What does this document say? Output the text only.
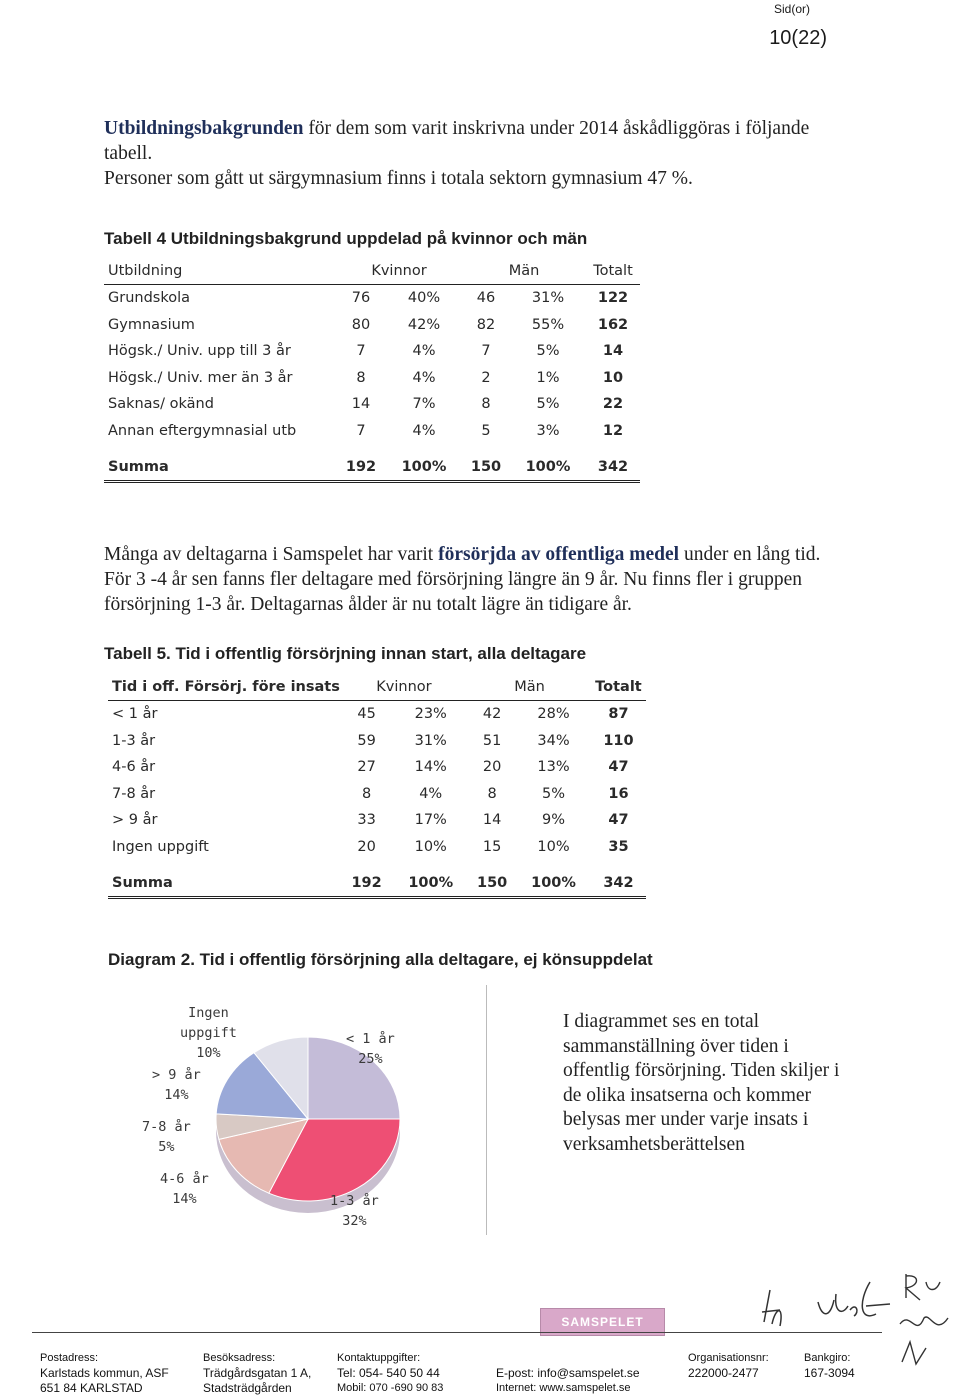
Sid(or)
10(22)
Utbildningsbakgrunden för dem som varit inskrivna under 2014 åskådliggöras i följande tabell.
Personer som gått ut särgymnasium finns i totala sektorn gymnasium 47 %.
Tabell 4 Utbildningsbakgrund uppdelad på kvinnor och män
Utbildning	Kvinnor		Män		Totalt
Grundskola	76	40%	46	31%	122
Gymnasium	80	42%	82	55%	162
Högsk./ Univ. upp till 3 år	7	4%	7	5%	14
Högsk./ Univ. mer än 3 år	8	4%	2	1%	10
Saknas/ okänd	14	7%	8	5%	22
Annan eftergymnasial utb	7	4%	5	3%	12

Summa	192	100%	150	100%	342
Många av deltagarna i Samspelet har varit försörjda av offentliga medel under en lång tid. För 3 -4 år sen fanns fler deltagare med försörjning längre än 9 år. Nu finns fler i gruppen försörjning 1-3 år. Deltagarnas ålder är nu totalt lägre än tidigare år.
Tabell 5. Tid i offentlig försörjning innan start, alla deltagare
Tid i off. Försörj. före insats	Kvinnor		Män		Totalt
< 1 år	45	23%	42	28%	87
1-3 år	59	31%	51	34%	110
4-6 år	27	14%	20	13%	47
7-8 år	8	4%	8	5%	16
> 9 år	33	17%	14	9%	47
Ingen uppgift	20	10%	15	10%	35

Summa	192	100%	150	100%	342
Diagram 2. Tid i offentlig försörjning alla deltagare, ej könsuppdelat
Ingen
uppgift
10%
< 1 år
25%
1-3 år
32%
4-6 år
14%
7-8 år
5%
> 9 år
14%
I diagrammet ses en total sammanställning över tiden i offentlig försörjning. Tiden skiljer i de olika insatserna och kommer belysas mer under varje insats i verksamhetsberättelsen
SAMSPELET
Postadress:
Karlstads kommun, ASF
651 84 KARLSTAD
Besöksadress:
Trädgårdsgatan 1 A,
Stadsträdgården
Kontaktuppgifter:
Tel: 054- 540 50 44
Mobil: 070 -690 90 83
E-post: info@samspelet.se
Internet: www.samspelet.se
Organisationsnr:
222000-2477
Bankgiro:
167-3094
